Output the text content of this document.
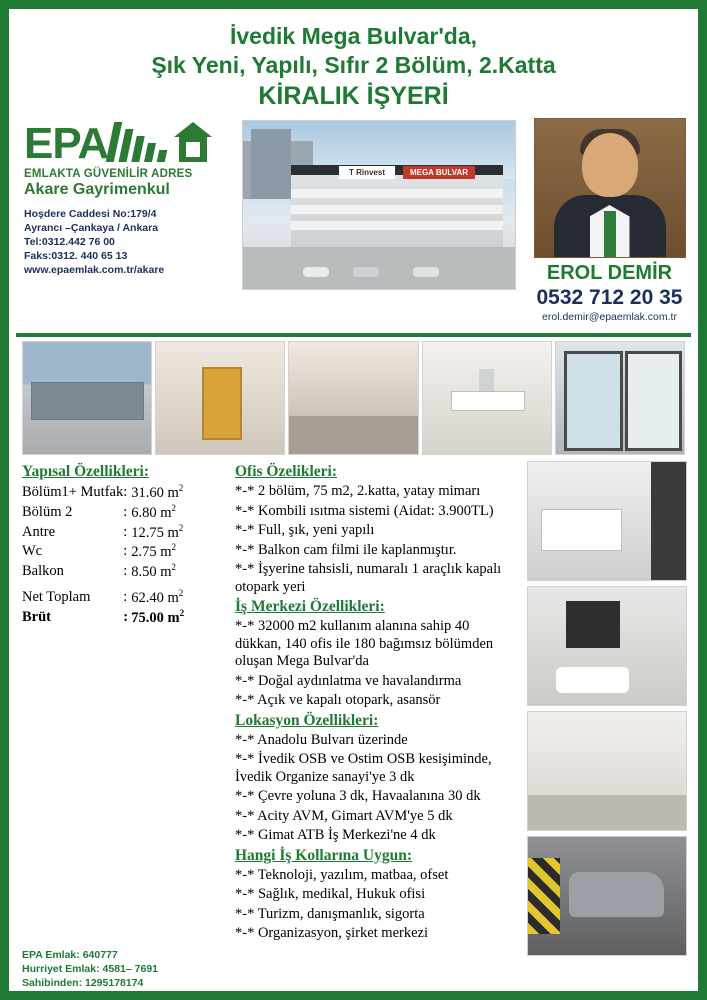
İvedik Mega Bulvar'da,
Şık Yeni, Yapılı, Sıfır 2 Bölüm, 2.Katta
KİRALIK İŞYERİ
EPA
EMLAKTA GÜVENİLİR ADRES
Akare Gayrimenkul
Hoşdere Caddesi No:179/4
Ayrancı –Çankaya / Ankara
Tel:0312.442 76 00
Faks:0312. 440 65 13
www.epaemlak.com.tr/akare
T Rinvest	MEGA BULVAR
EROL DEMİR
0532 712 20 35
erol.demir@epaemlak.com.tr
Yapısal Özellikleri:
Bölüm1+ Mutfak	:	31.60 $m^2$
Bölüm 2	:	6.80 $m^2$
Antre	:	12.75 $m^2$
Wc	:	2.75 $m^2$
Balkon	:	8.50 $m^2$
Net Toplam	:	62.40 $m^2$
Brüt	:	75.00 $m^2$
EPA Emlak: 640777
Hurriyet Emlak: 4581– 7691
Sahibinden: 1295178174
Ofis Özelikleri:
*-* 2 bölüm, 75 m2, 2.katta, yatay mimarı
*-* Kombili ısıtma sistemi (Aidat: 3.900TL)
*-* Full, şık, yeni yapılı
*-* Balkon cam filmi ile kaplanmıştır.
*-* İşyerine tahsisli, numaralı 1 araçlık kapalı otopark yeri
İş Merkezi Özellikleri:
*-* 32000 m2 kullanım alanına sahip 40 dükkan, 140 ofis ile 180 bağımsız bölümden oluşan Mega Bulvar'da
*-* Doğal aydınlatma ve havalandırma
*-* Açık ve kapalı otopark, asansör
Lokasyon Özellikleri:
*-* Anadolu Bulvarı üzerinde
*-* İvedik OSB ve Ostim OSB kesişiminde, İvedik Organize sanayi'ye 3 dk
*-* Çevre yoluna 3 dk, Havaalanına 30 dk
*-* Acity AVM, Gimart AVM'ye 5 dk
*-* Gimat ATB İş Merkezi'ne 4 dk
Hangi İş Kollarına Uygun:
*-* Teknoloji, yazılım, matbaa, ofset
*-* Sağlık, medikal, Hukuk ofisi
*-* Turizm, danışmanlık, sigorta
*-* Organizasyon, şirket merkezi
